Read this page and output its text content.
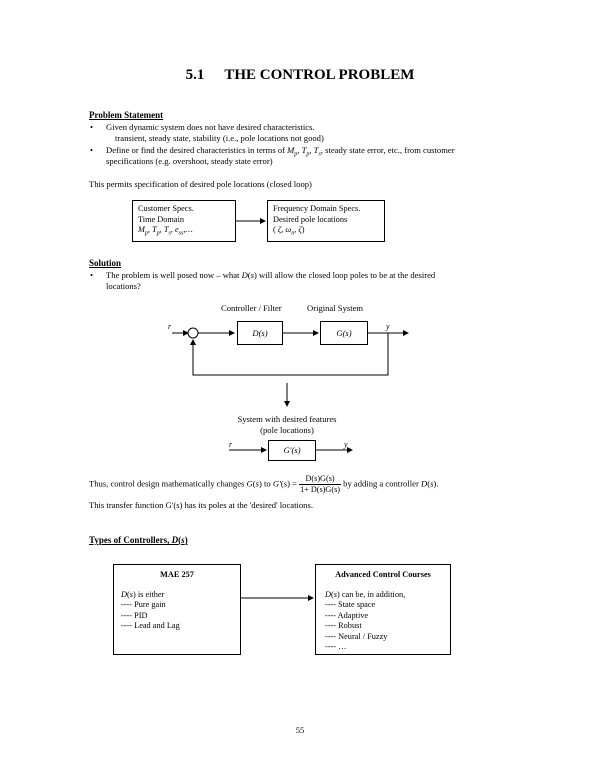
5.1 THE CONTROL PROBLEM
Problem Statement
• Given dynamic system does not have desired characteristics.
transient, steady state, stability (i.e., pole locations not good)
• Define or find the desired characteristics in terms of $M_p$, $T_p$, $T_s$, steady state error, etc., from customer
specifications (e.g. overshoot, steady state error)
This permits specification of desired pole locations (closed loop)
Customer Specs.
Time Domain
$M_p$, $T_p$, $T_s$, $e_{ss},\dots$
Frequency Domain Specs.
Desired pole locations
( ζ, $\omega_n$, ζ)
Solution
• The problem is well posed now – what D(s) will allow the closed loop poles to be at the desired
locations?
Controller / Filter	Original System
r	y
D(s)	G(s)
System with desired features
(pole locations)
r	y
G'(s)
Thus, control design mathematically changes G(s) to $G'(s) = \frac{D(s)G(s)}{1+ D(s)G(s)}$ by adding a controller D(s).
This transfer function G'(s) has its poles at the 'desired' locations.
Types of Controllers, D(s)
MAE 257
D(s) is either
---- Pure gain
---- PID
---- Lead and Lag
Advanced Control Courses
D(s) can be, in addition,
---- State space
---- Adaptive
---- Robust
---- Neural / Fuzzy
---- …
55
